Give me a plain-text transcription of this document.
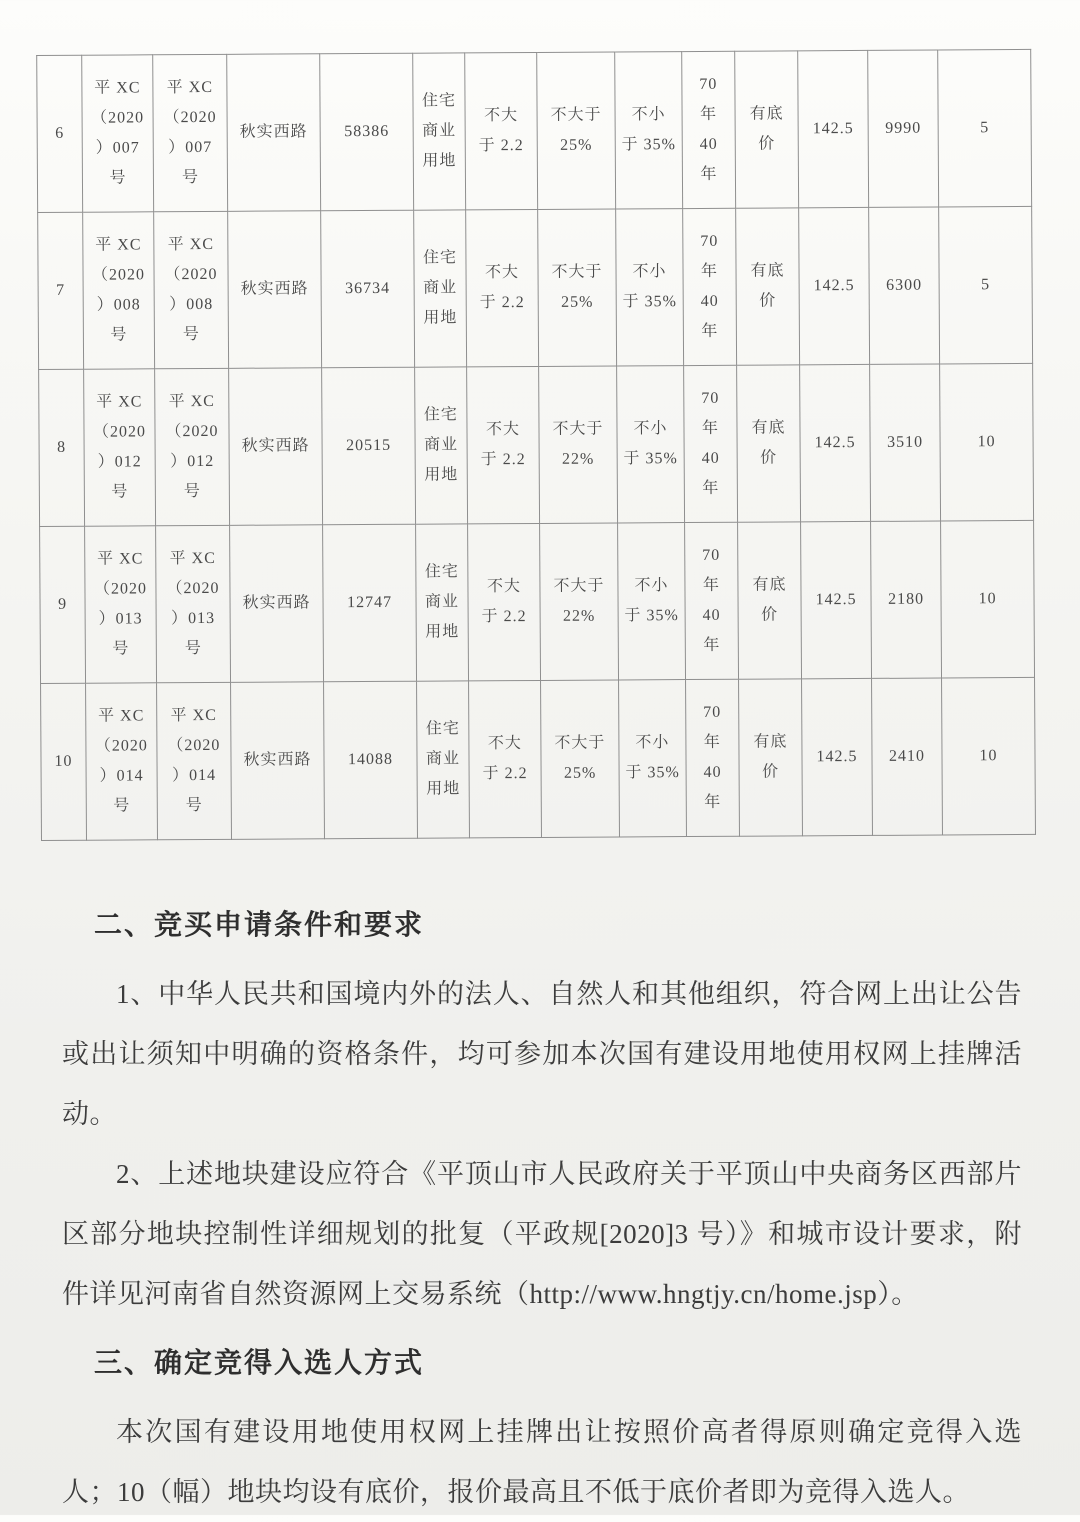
6	平 XC
（2020
）007
号	平 XC
（2020
）007
号	秋实西路	58386	住宅
商业
用地	不大
于 2.2	不大于
25%	不小
于 35%	70
年
40
年	有底
价	142.5	9990	5
7	平 XC
（2020
）008
号	平 XC
（2020
）008
号	秋实西路	36734	住宅
商业
用地	不大
于 2.2	不大于
25%	不小
于 35%	70
年
40
年	有底
价	142.5	6300	5
8	平 XC
（2020
）012
号	平 XC
（2020
）012
号	秋实西路	20515	住宅
商业
用地	不大
于 2.2	不大于
22%	不小
于 35%	70
年
40
年	有底
价	142.5	3510	10
9	平 XC
（2020
）013
号	平 XC
（2020
）013
号	秋实西路	12747	住宅
商业
用地	不大
于 2.2	不大于
22%	不小
于 35%	70
年
40
年	有底
价	142.5	2180	10
10	平 XC
（2020
）014
号	平 XC
（2020
）014
号	秋实西路	14088	住宅
商业
用地	不大
于 2.2	不大于
25%	不小
于 35%	70
年
40
年	有底
价	142.5	2410	10
二、竞买申请条件和要求

1、中华人民共和国境内外的法人、自然人和其他组织，符合网上出让公告或出让须知中明确的资格条件，均可参加本次国有建设用地使用权网上挂牌活动。

2、上述地块建设应符合《平顶山市人民政府关于平顶山中央商务区西部片区部分地块控制性详细规划的批复（平政规[2020]3 号）》和城市设计要求，附件详见河南省自然资源网上交易系统（http://www.hngtjy.cn/home.jsp）。

三、确定竞得入选人方式

本次国有建设用地使用权网上挂牌出让按照价高者得原则确定竞得入选人；10（幅）地块均设有底价，报价最高且不低于底价者即为竞得入选人。
